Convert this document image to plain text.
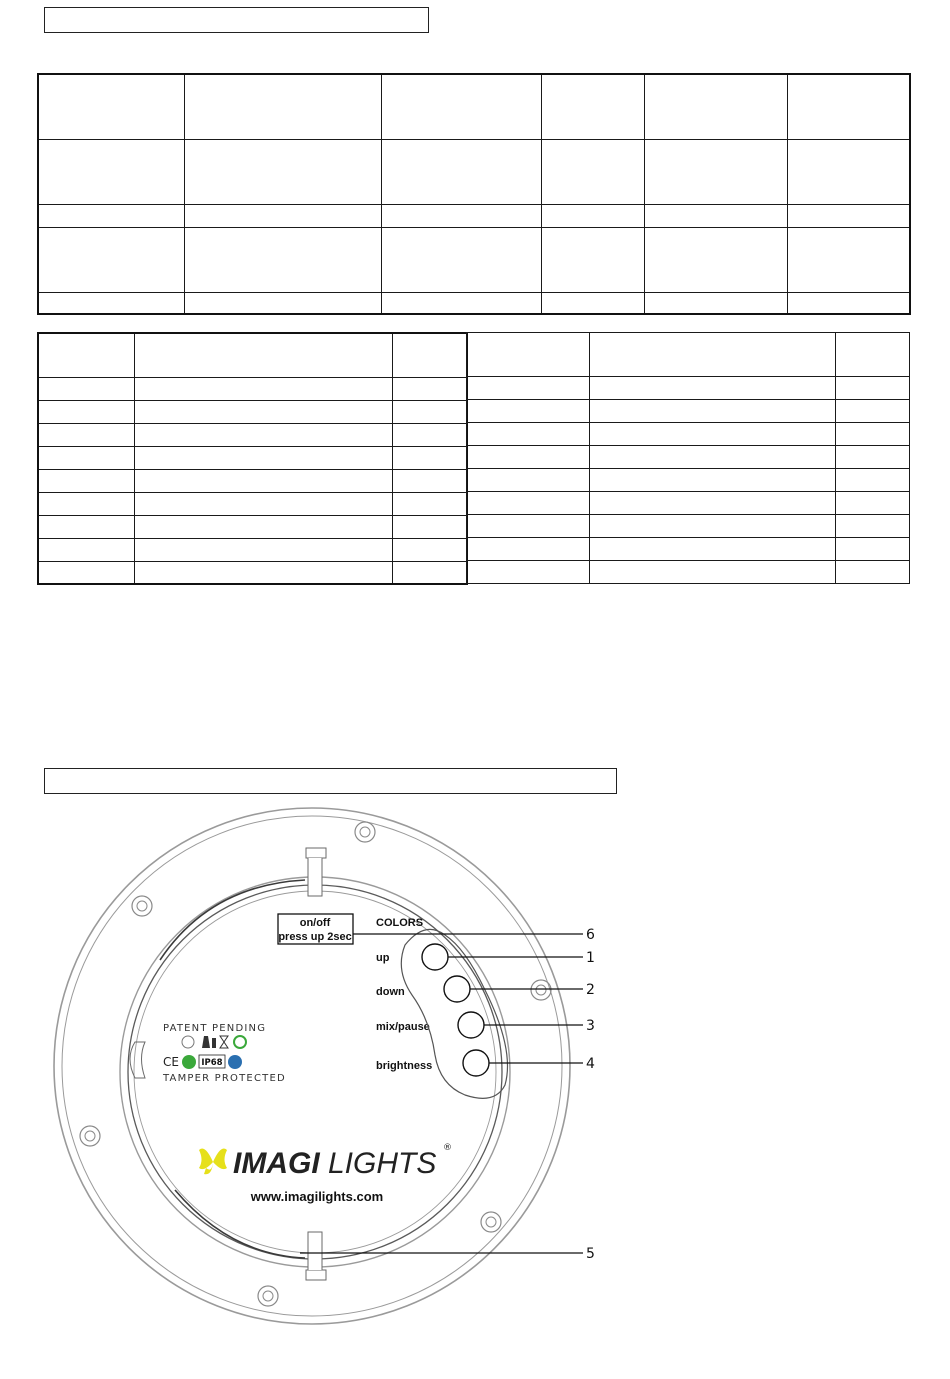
on/off
press up 2sec
COLORS
up
down
mix/pause
brightness
6
1
2
3
4
5
PATENT PENDING
CE	IP68
TAMPER PROTECTED
IMAGI LIGHTS ®
www.imagilights.com
